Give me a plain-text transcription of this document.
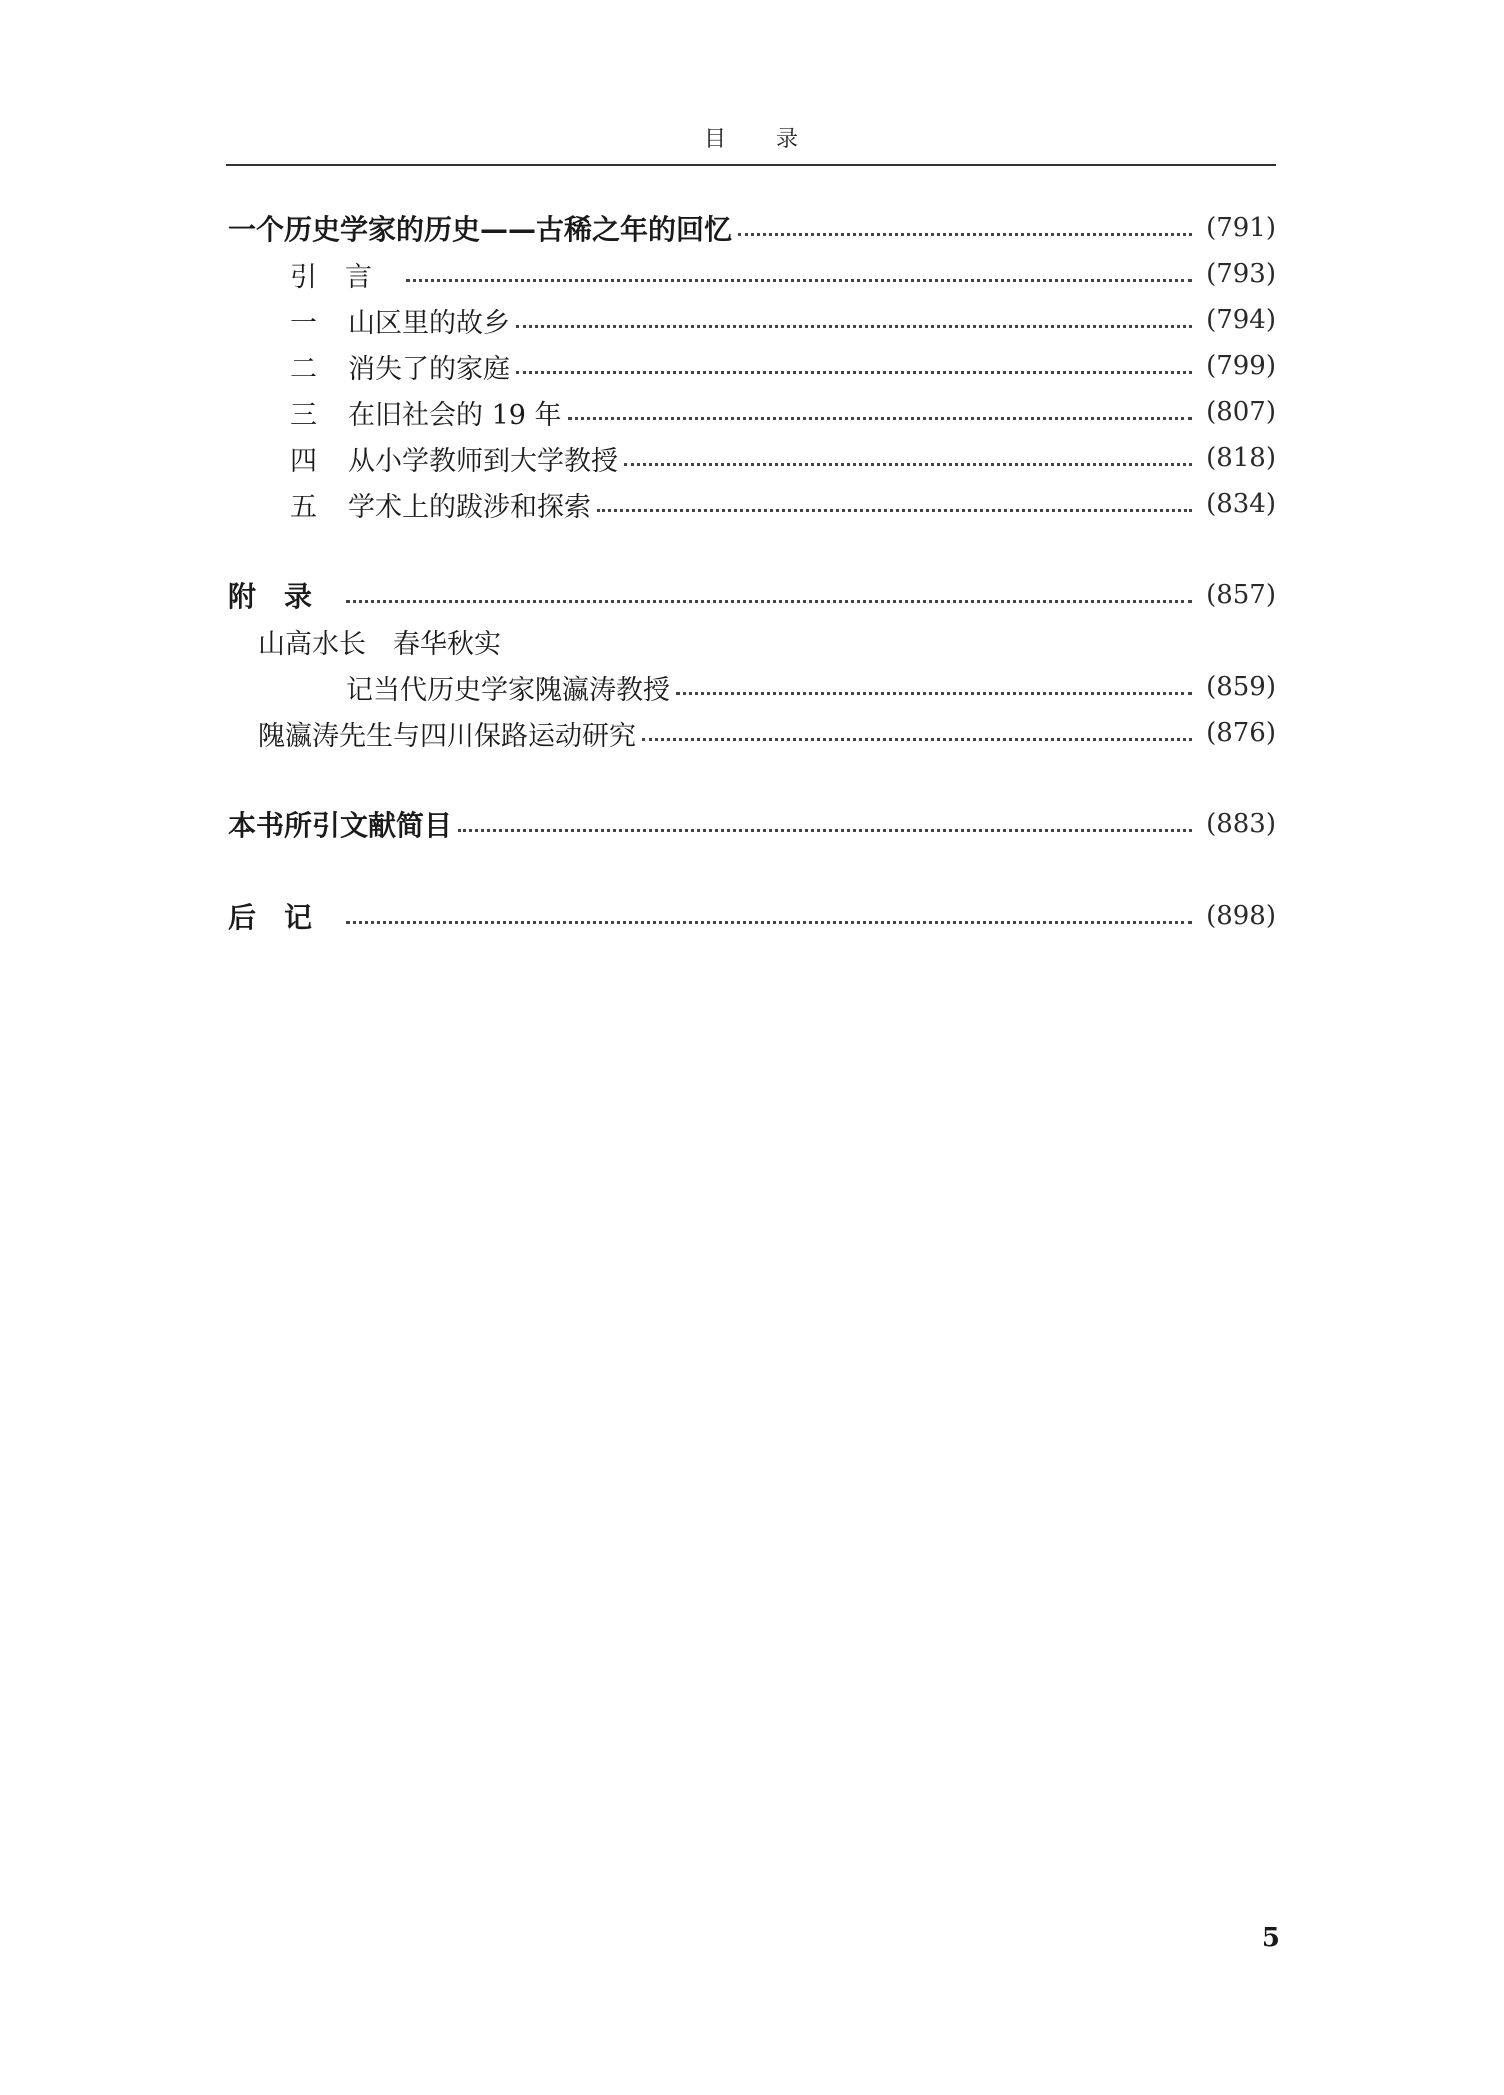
目录
一个历史学家的历史——古稀之年的回忆	(791)
引言	(793)
一 山区里的故乡	(794)
二 消失了的家庭	(799)
三 在旧社会的 19 年	(807)
四 从小学教师到大学教授	(818)
五 学术上的跋涉和探索	(834)
附录	(857)
山高水长　春华秋实
记当代历史学家隗瀛涛教授	(859)
隗瀛涛先生与四川保路运动研究	(876)
本书所引文献简目	(883)
后记	(898)
5
